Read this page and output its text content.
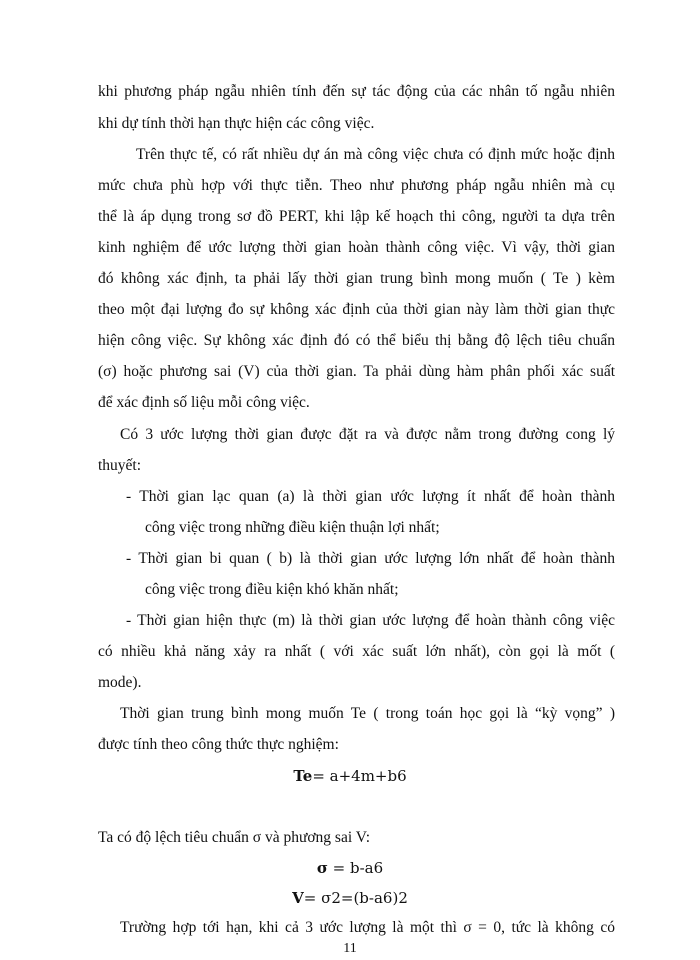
khi phương pháp ngẫu nhiên tính đến sự tác động của các nhân tố ngẫu nhiên
khi dự tính thời hạn thực hiện các công việc.
Trên thực tế, có rất nhiều dự án mà công việc chưa có định mức hoặc định
mức chưa phù hợp với thực tiễn. Theo như phương pháp ngẫu nhiên mà cụ
thể là áp dụng trong sơ đồ PERT, khi lập kế hoạch thi công, người ta dựa trên
kinh nghiệm để ước lượng thời gian hoàn thành công việc. Vì vậy, thời gian
đó không xác định, ta phải lấy thời gian trung bình mong muốn ( Te ) kèm
theo một đại lượng đo sự không xác định của thời gian này làm thời gian thực
hiện công việc. Sự không xác định đó có thể biểu thị bằng độ lệch tiêu chuẩn
(σ) hoặc phương sai (V) của thời gian. Ta phải dùng hàm phân phối xác suất
để xác định số liệu mỗi công việc.
Có 3 ước lượng thời gian được đặt ra và được nằm trong đường cong lý
thuyết:
- Thời gian lạc quan (a) là thời gian ước lượng ít nhất để hoàn thành
công việc trong những điều kiện thuận lợi nhất;
- Thời gian bi quan ( b) là thời gian ước lượng lớn nhất để hoàn thành
công việc trong điều kiện khó khăn nhất;
- Thời gian hiện thực (m) là thời gian ước lượng để hoàn thành công việc
có nhiều khả năng xảy ra nhất ( với xác suất lớn nhất), còn gọi là mốt (
mode).
Thời gian trung bình mong muốn Te ( trong toán học gọi là “kỳ vọng” )
được tính theo công thức thực nghiệm:
Te= a+4m+b6
Ta có độ lệch tiêu chuẩn σ và phương sai V:
σ = b-a6
V= σ2=(b-a6)2
Trường hợp tới hạn, khi cả 3 ước lượng là một thì σ = 0, tức là không có
11
